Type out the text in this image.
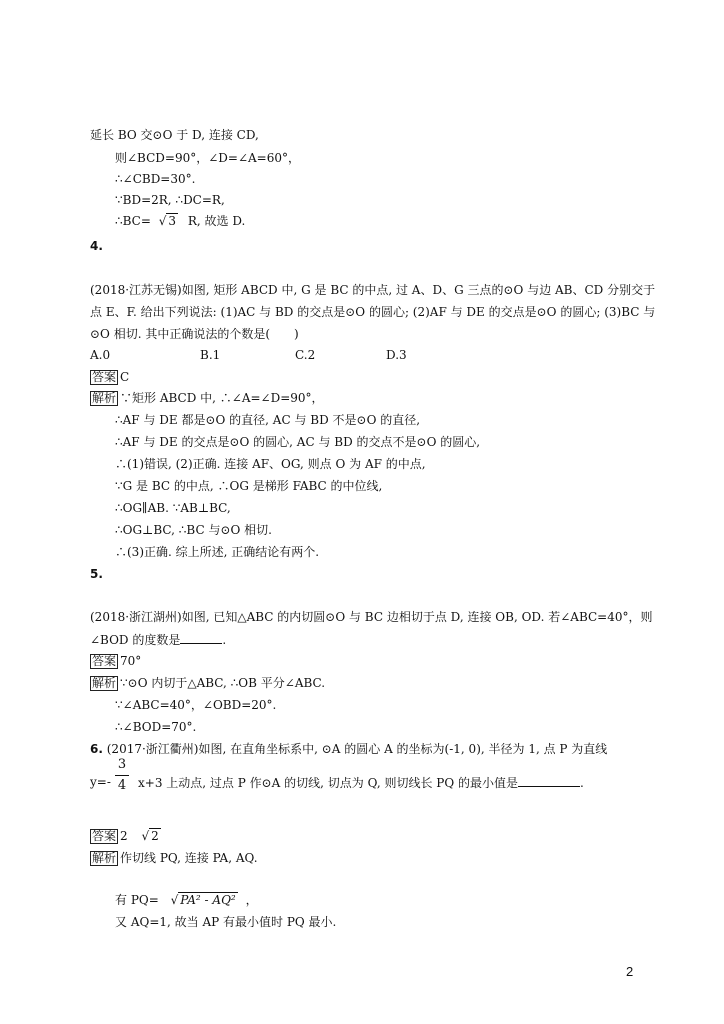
延长 BO 交⊙O 于 D, 连接 CD,
则∠BCD=90°，∠D=∠A=60°，
∴∠CBD=30°.
∵BD=2R, ∴DC=R,
∴BC= √ 3 R, 故选 D.
4.
(2018·江苏无锡)如图, 矩形 ABCD 中, G 是 BC 的中点, 过 A、D、G 三点的⊙O 与边 AB、CD 分别交于
点 E、F. 给出下列说法: (1)AC 与 BD 的交点是⊙O 的圆心; (2)AF 与 DE 的交点是⊙O 的圆心; (3)BC 与
⊙O 相切. 其中正确说法的个数是(　　)
A.0	B.1	C.2	D.3
答案 C
解析 ∵矩形 ABCD 中, ∴∠A=∠D=90°，
∴AF 与 DE 都是⊙O 的直径, AC 与 BD 不是⊙O 的直径,
∴AF 与 DE 的交点是⊙O 的圆心, AC 与 BD 的交点不是⊙O 的圆心,
∴(1)错误, (2)正确. 连接 AF、OG, 则点 O 为 AF 的中点,
∵G 是 BC 的中点, ∴OG 是梯形 FABC 的中位线,
∴OG∥AB. ∵AB⊥BC,
∴OG⊥BC, ∴BC 与⊙O 相切.
∴(3)正确. 综上所述, 正确结论有两个.
5.
(2018·浙江湖州)如图, 已知△ABC 的内切圆⊙O 与 BC 边相切于点 D, 连接 OB, OD. 若∠ABC=40°，则
∠BOD 的度数是	.
答案 70°
解析 ∵⊙O 内切于△ABC, ∴OB 平分∠ABC.
∵∠ABC=40°，∠OBD=20°.
∴∠BOD=70°.
6. (2017·浙江衢州)如图, 在直角坐标系中, ⊙A 的圆心 A 的坐标为(-1, 0), 半径为 1, 点 P 为直线
y=-
3
4 x+3 上动点, 过点 P 作⊙A 的切线, 切点为 Q, 则切线长 PQ 的最小值是	.
答案 2 √ 2
解析 作切线 PQ, 连接 PA, AQ.
有 PQ= √ PA² - AQ² ，
又 AQ=1, 故当 AP 有最小值时 PQ 最小.
2
